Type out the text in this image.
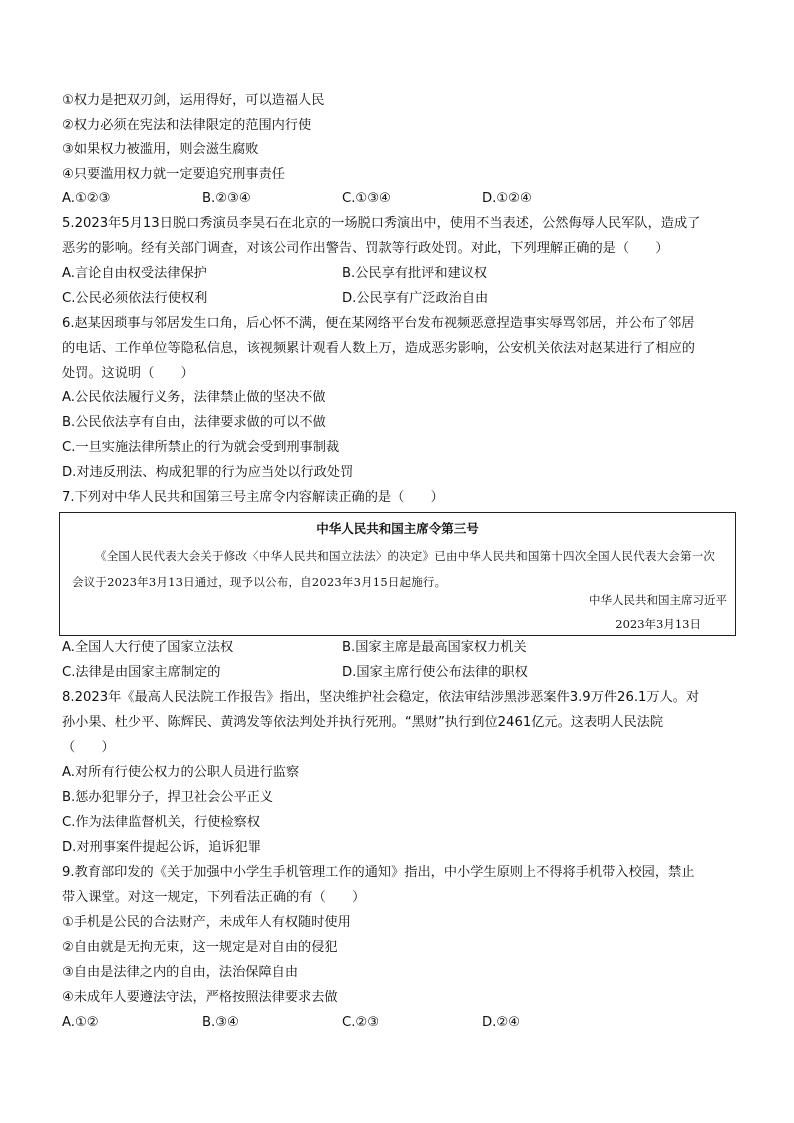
①权力是把双刃剑，运用得好，可以造福人民
②权力必须在宪法和法律限定的范围内行使
③如果权力被滥用，则会滋生腐败
④只要滥用权力就一定要追究刑事责任
A.①②③	B.②③④	C.①③④	D.①②④
5.2023年5月13日脱口秀演员李昊石在北京的一场脱口秀演出中，使用不当表述，公然侮辱人民军队，造成了
恶劣的影响。经有关部门调查，对该公司作出警告、罚款等行政处罚。对此，下列理解正确的是（　　）
A.言论自由权受法律保护	B.公民享有批评和建议权
C.公民必须依法行使权利	D.公民享有广泛政治自由
6.赵某因琐事与邻居发生口角，后心怀不满，便在某网络平台发布视频恶意捏造事实辱骂邻居，并公布了邻居
的电话、工作单位等隐私信息，该视频累计观看人数上万，造成恶劣影响，公安机关依法对赵某进行了相应的
处罚。这说明（　　）
A.公民依法履行义务，法律禁止做的坚决不做
B.公民依法享有自由，法律要求做的可以不做
C.一旦实施法律所禁止的行为就会受到刑事制裁
D.对违反刑法、构成犯罪的行为应当处以行政处罚
7.下列对中华人民共和国第三号主席令内容解读正确的是（　　）
中华人民共和国主席令第三号
《全国人民代表大会关于修改〈中华人民共和国立法法〉的决定》已由中华人民共和国第十四次全国人民代表大会第一次会议于2023年3月13日通过，现予以公布，自2023年3月15日起施行。
中华人民共和国主席习近平
2023年3月13日
A.全国人大行使了国家立法权	B.国家主席是最高国家权力机关
C.法律是由国家主席制定的	D.国家主席行使公布法律的职权
8.2023年《最高人民法院工作报告》指出，坚决维护社会稳定，依法审结涉黑涉恶案件3.9万件26.1万人。对
孙小果、杜少平、陈辉民、黄鸿发等依法判处并执行死刑。“黑财”执行到位2461亿元。这表明人民法院
（　　）
A.对所有行使公权力的公职人员进行监察
B.惩办犯罪分子，捍卫社会公平正义
C.作为法律监督机关，行使检察权
D.对刑事案件提起公诉，追诉犯罪
9.教育部印发的《关于加强中小学生手机管理工作的通知》指出，中小学生原则上不得将手机带入校园，禁止
带入课堂。对这一规定，下列看法正确的有（　　）
①手机是公民的合法财产，未成年人有权随时使用
②自由就是无拘无束，这一规定是对自由的侵犯
③自由是法律之内的自由，法治保障自由
④未成年人要遵法守法，严格按照法律要求去做
A.①②	B.③④	C.②③	D.②④
